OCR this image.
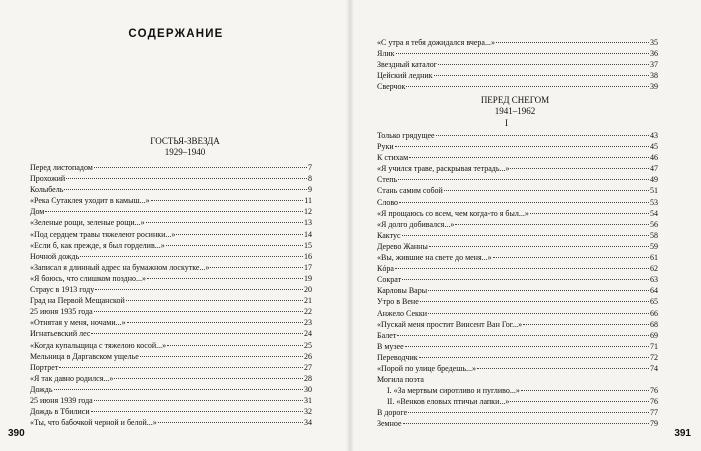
СОДЕРЖАНИЕ
ГОСТЬЯ-ЗВЕЗДА
1929–1940
Перед листопадом	7
Прохожий	8
Колыбель	9
«Река Сутаклея уходит в камыш...»	11
Дом	12
«Зеленые рощи, зеленые рощи...»	13
«Под сердцем травы тяжелеют росинки...»	14
«Если б, как прежде, я был горделив...»	15
Ночной дождь	16
«Записал я длинный адрес на бумажном лоскутке...»	17
«Я боюсь, что слишком поздно...»	19
Страус в 1913 году	20
Град на Первой Мещанской	21
25 июня 1935 года	22
«Отнятая у меня, ночами...»	23
Игнатьевский лес	24
«Когда купальщица с тяжелою косой...»	25
Мельница в Даргавском ущелье	26
Портрет	27
«Я так давно родился...»	28
Дождь	30
25 июня 1939 года	31
Дождь в Тбилиси	32
«Ты, что бабочкой черной и белой...»	34
390
«С утра я тебя дожидался вчера...»	35
Ялик	36
Звездный каталог	37
Цейский ледник	38
Сверчок	39
ПЕРЕД СНЕГОМ
1941–1962
I
Только грядущее	43
Руки	45
К стихам	46
«Я учился траве, раскрывая тетрадь...»	47
Степь	49
Стань самим собой	51
Слово	53
«Я прощаюсь со всем, чем когда-то я был...»	54
«Я долго добивался...»	56
Кактус	58
Дерево Жанны	59
«Вы, жившие на свете до меня...»	61
Кóра	62
Сократ	63
Карловы Вары	64
Утро в Вене	65
Анжело Секки	66
«Пускай меня простит Винсент Ван Гог...»	68
Балет	69
В музее	71
Переводчик	72
«Порой по улице бредешь...»	74
Могила поэта
I. «За мертвым сиротливо и пугливо...»	76
II. «Венков еловых птичьи лапки...»	76
В дороге	77
Земное	79
391
